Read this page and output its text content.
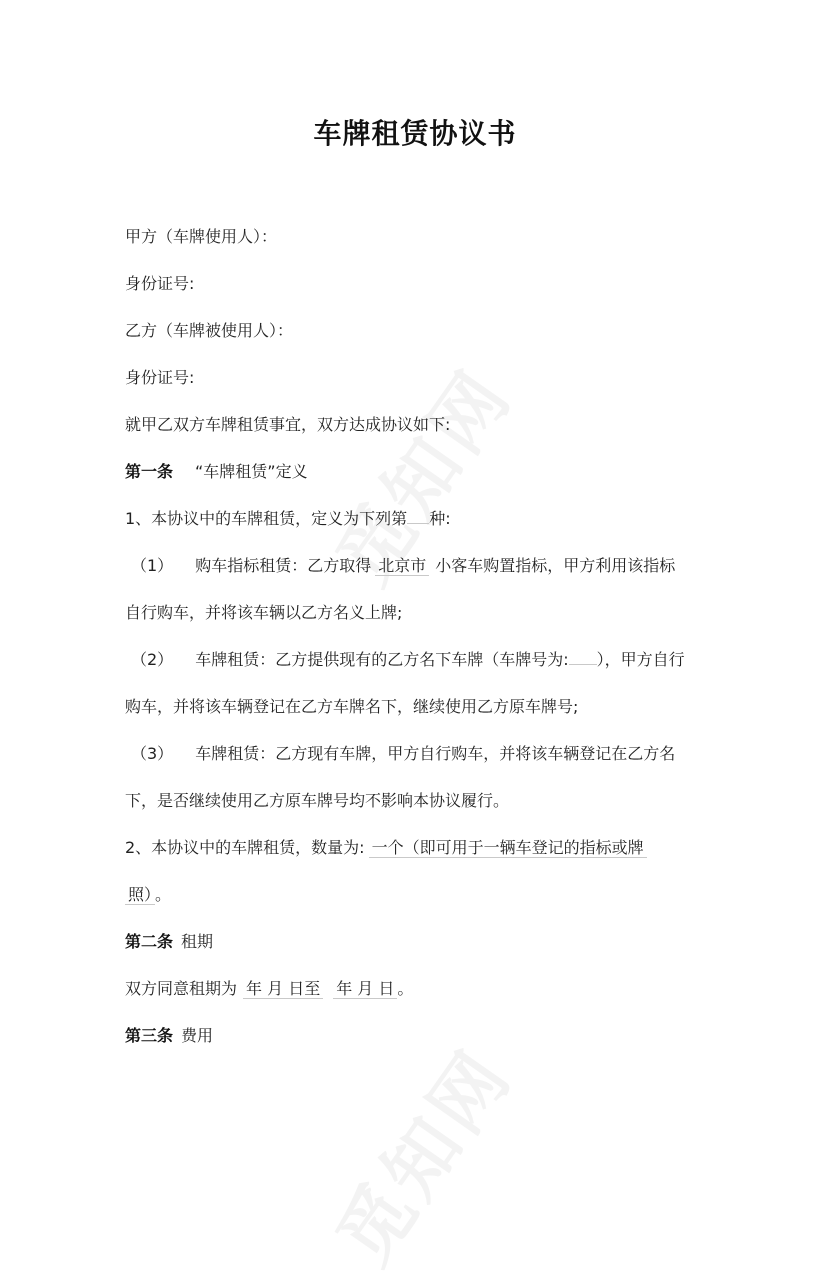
车牌租赁协议书
甲方（车牌使用人）：
身份证号:
乙方（车牌被使用人）：
身份证号:
就甲乙双方车牌租赁事宜，双方达成协议如下:
第一条 “车牌租赁”定义
1、本协议中的车牌租赁，定义为下列第 种:
（1） 购车指标租赁：乙方取得 北京市 小客车购置指标，甲方利用该指标
自行购车，并将该车辆以乙方名义上牌;
（2） 车牌租赁：乙方提供现有的乙方名下车牌（车牌号为: ），甲方自行
购车，并将该车辆登记在乙方车牌名下，继续使用乙方原车牌号;
（3） 车牌租赁：乙方现有车牌，甲方自行购车，并将该车辆登记在乙方名
下，是否继续使用乙方原车牌号均不影响本协议履行。
2、本协议中的车牌租赁，数量为: 一个（即可用于一辆车登记的指标或牌
照） 。
第二条 租期
双方同意租期为 年 月 日至 年 月 日 。
第三条 费用
